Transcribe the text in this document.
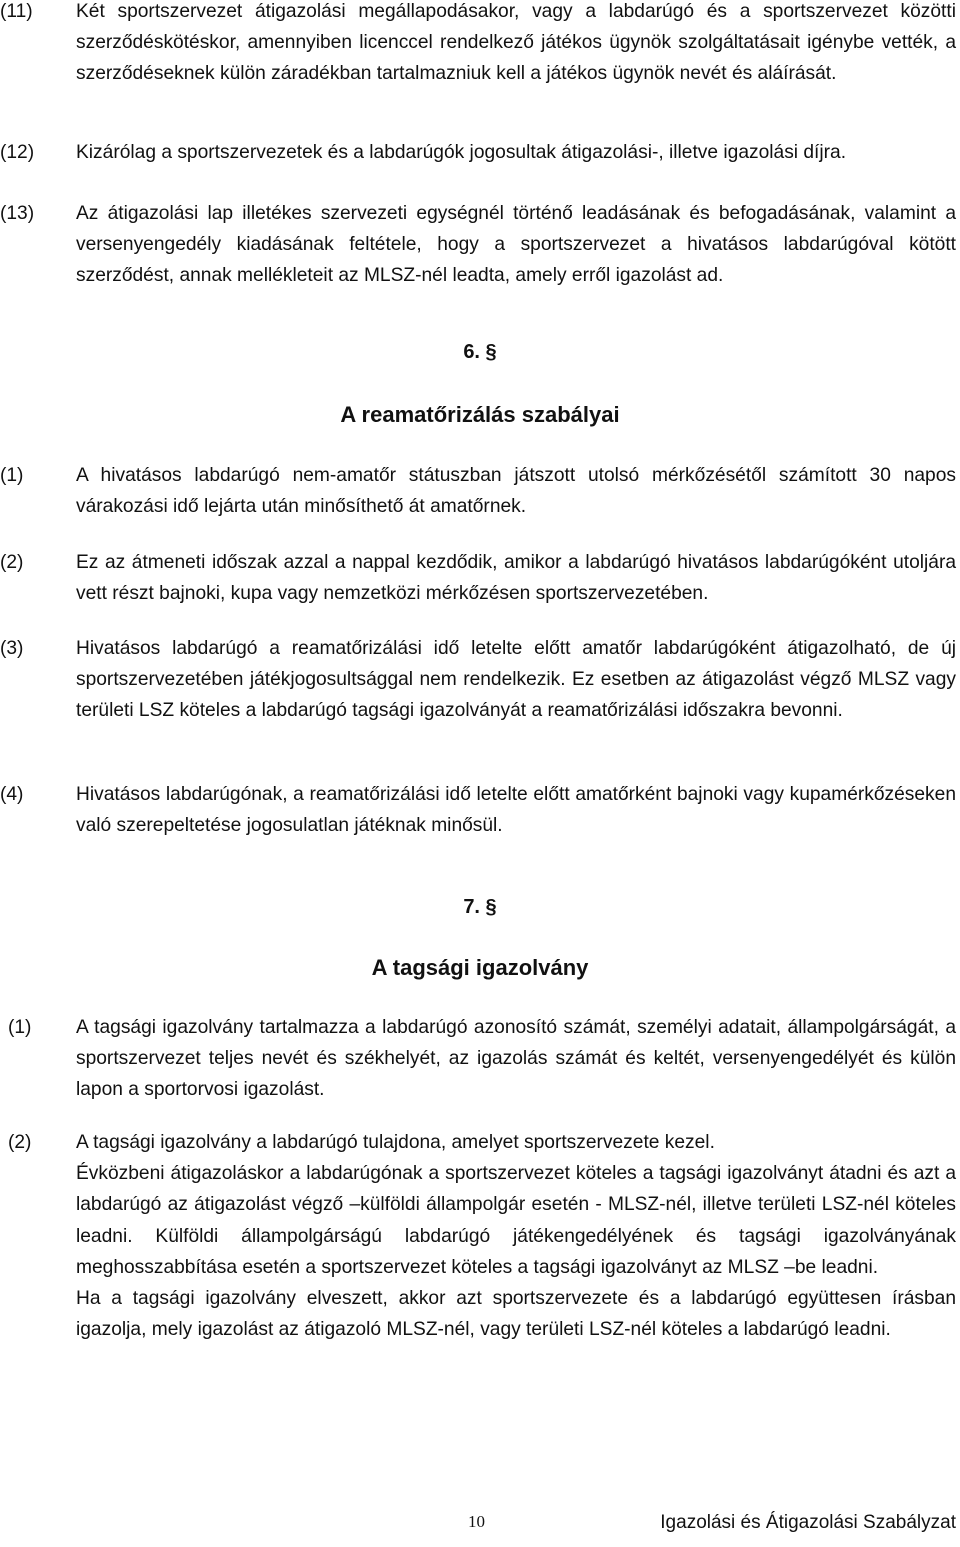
(11)	Két sportszervezet átigazolási megállapodásakor, vagy a labdarúgó és a sportszervezet közötti szerződéskötéskor, amennyiben licenccel rendelkező játékos ügynök szolgáltatásait igénybe vették, a szerződéseknek külön záradékban tartalmazniuk kell a játékos ügynök nevét és aláírását.

(12)	Kizárólag a sportszervezetek és a labdarúgók jogosultak átigazolási-, illetve igazolási díjra.

(13)	Az átigazolási lap illetékes szervezeti egységnél történő leadásának és befogadásának, valamint a versenyengedély kiadásának feltétele, hogy a sportszervezet a hivatásos labdarúgóval kötött szerződést, annak mellékleteit az MLSZ-nél leadta, amely erről igazolást ad.

6. §
A reamatőrizálás szabályai
(1)	A hivatásos labdarúgó nem-amatőr státuszban játszott utolsó mérkőzésétől számított 30 napos várakozási idő lejárta után minősíthető át amatőrnek.

(2)	Ez az átmeneti időszak azzal a nappal kezdődik, amikor a labdarúgó hivatásos labdarúgóként utoljára vett részt bajnoki, kupa vagy nemzetközi mérkőzésen sportszervezetében.

(3)	Hivatásos labdarúgó a reamatőrizálási idő letelte előtt amatőr labdarúgóként átigazolható, de új sportszervezetében játékjogosultsággal nem rendelkezik. Ez esetben az átigazolást végző MLSZ vagy területi LSZ köteles a labdarúgó tagsági igazolványát a reamatőrizálási időszakra bevonni.

(4)	Hivatásos labdarúgónak, a reamatőrizálási idő letelte előtt amatőrként bajnoki vagy kupamérkőzéseken való szerepeltetése jogosulatlan játéknak minősül.

7. §
A tagsági igazolvány
(1)	A tagsági igazolvány tartalmazza a labdarúgó azonosító számát, személyi adatait, állampolgárságát, a sportszervezet teljes nevét és székhelyét, az igazolás számát és keltét, versenyengedélyét és külön lapon a sportorvosi igazolást.

(2)	A tagsági igazolvány a labdarúgó tulajdona, amelyet sportszervezete kezel.

Évközbeni átigazoláskor a labdarúgónak a sportszervezet köteles a tagsági igazolványt átadni és azt a labdarúgó az átigazolást végző –külföldi állampolgár esetén - MLSZ-nél, illetve területi LSZ-nél köteles leadni. Külföldi állampolgárságú labdarúgó játékengedélyének és tagsági igazolványának meghosszabbítása esetén a sportszervezet köteles a tagsági igazolványt az MLSZ –be leadni.

Ha a tagsági igazolvány elveszett, akkor azt sportszervezete és a labdarúgó együttesen írásban igazolja, mely igazolást az átigazoló MLSZ-nél, vagy területi LSZ-nél köteles a labdarúgó leadni.

10	Igazolási és Átigazolási Szabályzat
